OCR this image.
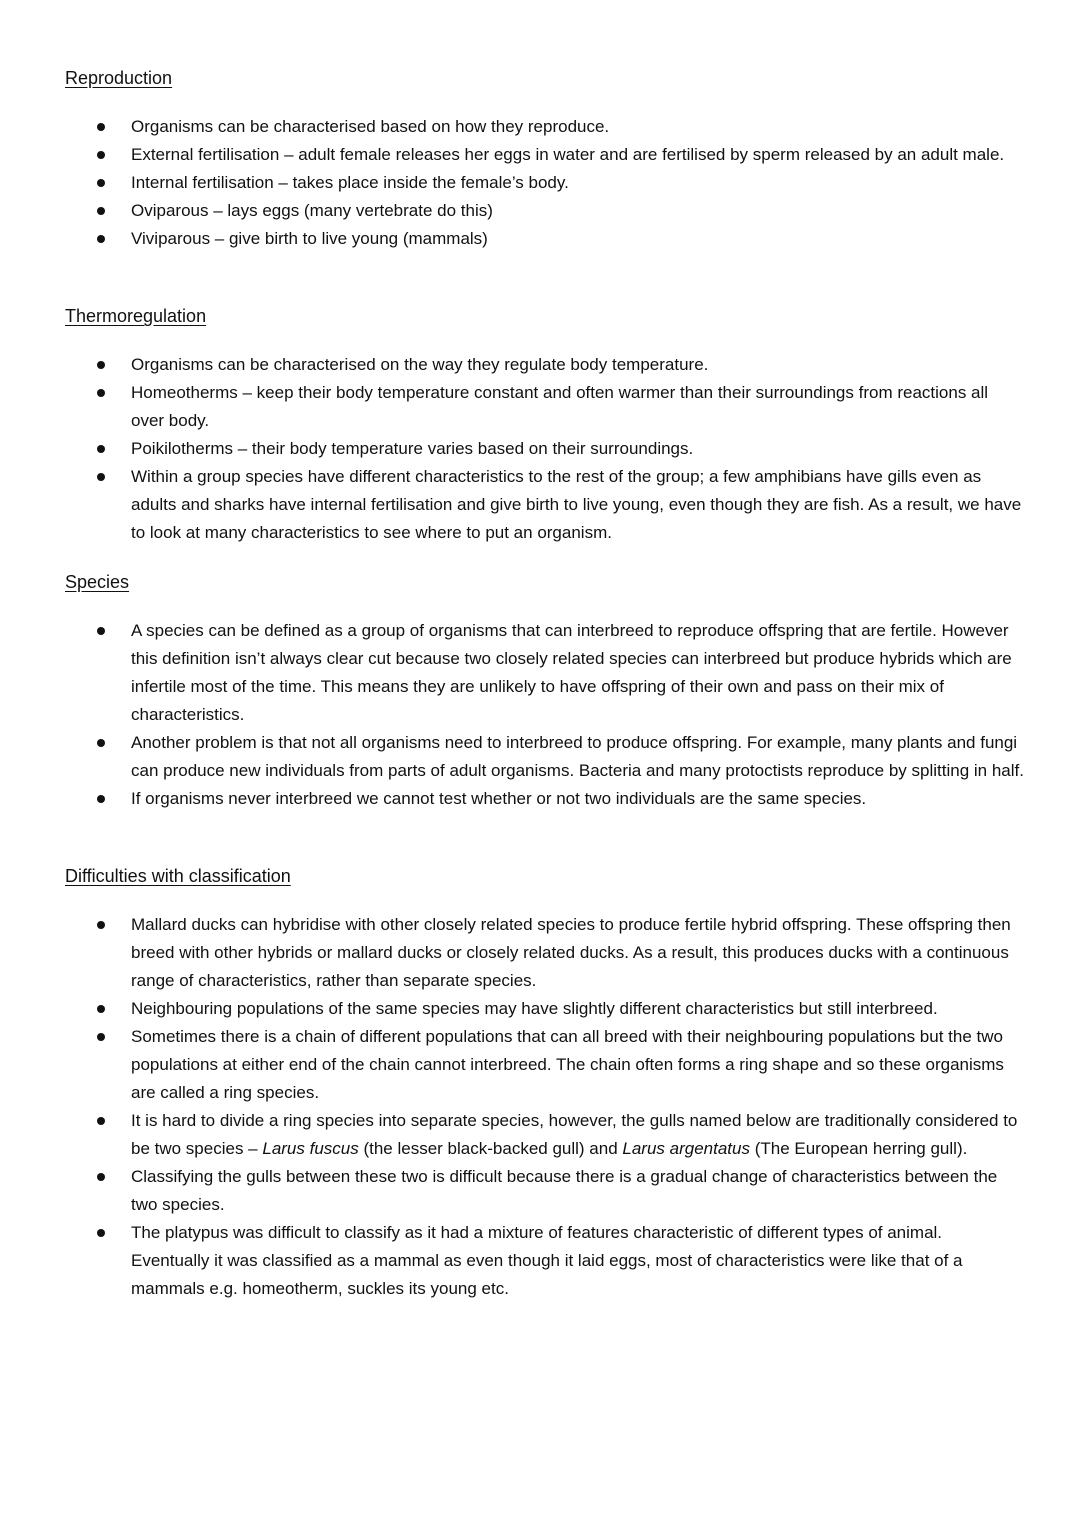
Reproduction
Organisms can be characterised based on how they reproduce.
External fertilisation – adult female releases her eggs in water and are fertilised by sperm released by an adult male.
Internal fertilisation – takes place inside the female’s body.
Oviparous – lays eggs (many vertebrate do this)
Viviparous – give birth to live young (mammals)
Thermoregulation
Organisms can be characterised on the way they regulate body temperature.
Homeotherms – keep their body temperature constant and often warmer than their surroundings from reactions all over body.
Poikilotherms – their body temperature varies based on their surroundings.
Within a group species have different characteristics to the rest of the group; a few amphibians have gills even as adults and sharks have internal fertilisation and give birth to live young, even though they are fish. As a result, we have to look at many characteristics to see where to put an organism.
Species
A species can be defined as a group of organisms that can interbreed to reproduce offspring that are fertile. However this definition isn’t always clear cut because two closely related species can interbreed but produce hybrids which are infertile most of the time. This means they are unlikely to have offspring of their own and pass on their mix of characteristics.
Another problem is that not all organisms need to interbreed to produce offspring. For example, many plants and fungi can produce new individuals from parts of adult organisms. Bacteria and many protoctists reproduce by splitting in half.
If organisms never interbreed we cannot test whether or not two individuals are the same species.
Difficulties with classification
Mallard ducks can hybridise with other closely related species to produce fertile hybrid offspring. These offspring then breed with other hybrids or mallard ducks or closely related ducks. As a result, this produces ducks with a continuous range of characteristics, rather than separate species.
Neighbouring populations of the same species may have slightly different characteristics but still interbreed.
Sometimes there is a chain of different populations that can all breed with their neighbouring populations but the two populations at either end of the chain cannot interbreed. The chain often forms a ring shape and so these organisms are called a ring species.
It is hard to divide a ring species into separate species, however, the gulls named below are traditionally considered to be two species – Larus fuscus (the lesser black-backed gull) and Larus argentatus (The European herring gull).
Classifying the gulls between these two is difficult because there is a gradual change of characteristics between the two species.
The platypus was difficult to classify as it had a mixture of features characteristic of different types of animal. Eventually it was classified as a mammal as even though it laid eggs, most of characteristics were like that of a mammals e.g. homeotherm, suckles its young etc.
